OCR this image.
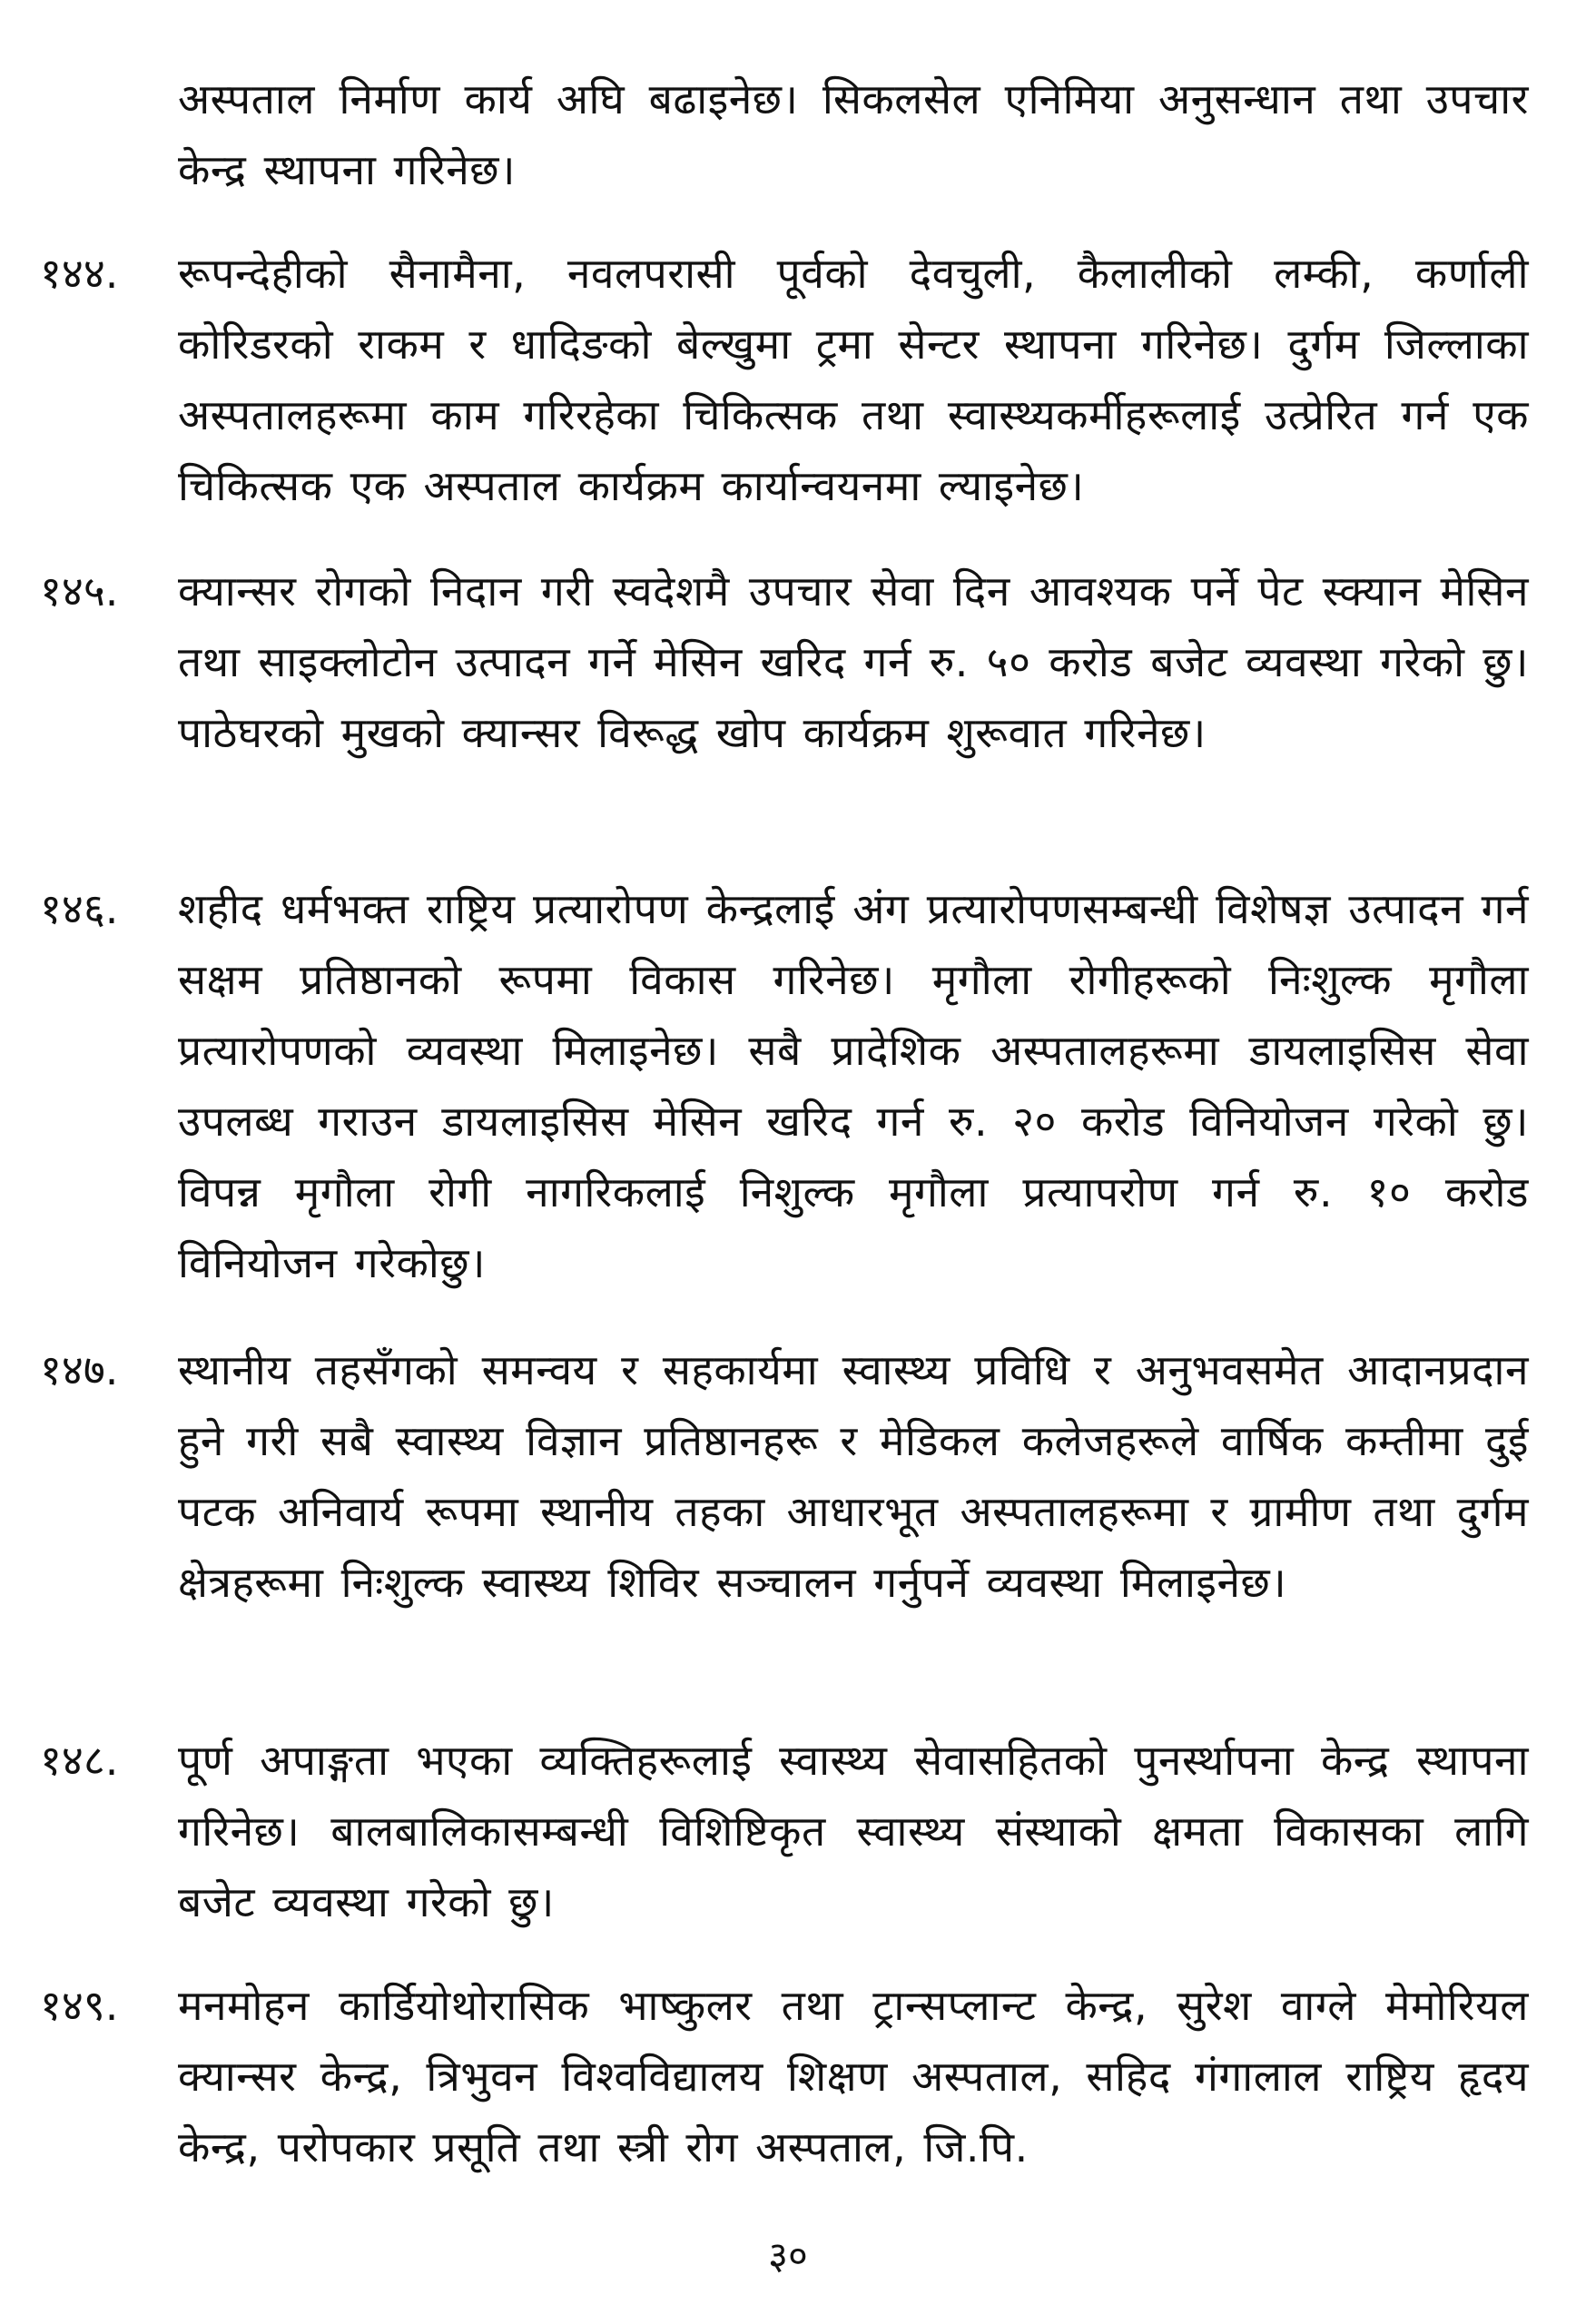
अस्पताल निर्माण कार्य अघि बढाइनेछ। सिकलसेल एनिमिया अनुसन्धान तथा उपचार केन्द्र स्थापना गरिनेछ।
१४४.	रूपन्देहीको सैनामैना, नवलपरासी पूर्वको देवचुली, कैलालीको लम्की, कर्णाली कोरिडरको राकम र धादिङको बेल्खुमा ट्रमा सेन्टर स्थापना गरिनेछ। दुर्गम जिल्लाका अस्पतालहरूमा काम गरिरहेका चिकित्सक तथा स्वास्थ्यकर्मीहरूलाई उत्प्रेरित गर्न एक चिकित्सक एक अस्पताल कार्यक्रम कार्यान्वयनमा ल्याइनेछ।
१४५.	क्यान्सर रोगको निदान गरी स्वदेशमै उपचार सेवा दिन आवश्यक पर्ने पेट स्क्यान मेसिन तथा साइक्लोटोन उत्पादन गर्ने मेसिन खरिद गर्न रु. ५० करोड बजेट व्यवस्था गरेको छु। पाठेघरको मुखको क्यान्सर विरूद्ध खोप कार्यक्रम शुरूवात गरिनेछ।
१४६.	शहीद धर्मभक्त राष्ट्रिय प्रत्यारोपण केन्द्रलाई अंग प्रत्यारोपणसम्बन्धी विशेषज्ञ उत्पादन गर्न सक्षम प्रतिष्ठानको रूपमा विकास गरिनेछ। मृगौला रोगीहरूको निःशुल्क मृगौला प्रत्यारोपणको व्यवस्था मिलाइनेछ। सबै प्रादेशिक अस्पतालहरूमा डायलाइसिस सेवा उपलब्ध गराउन डायलाइसिस मेसिन खरिद गर्न रु. २० करोड विनियोजन गरेको छु। विपन्न मृगौला रोगी नागरिकलाई निशुल्क मृगौला प्रत्यापरोण गर्न रु. १० करोड विनियोजन गरेकोछु।
१४७.	स्थानीय तहसँगको समन्वय र सहकार्यमा स्वास्थ्य प्रविधि र अनुभवसमेत आदानप्रदान हुने गरी सबै स्वास्थ्य विज्ञान प्रतिष्ठानहरू र मेडिकल कलेजहरूले वार्षिक कम्तीमा दुई पटक अनिवार्य रूपमा स्थानीय तहका आधारभूत अस्पतालहरूमा र ग्रामीण तथा दुर्गम क्षेत्रहरूमा निःशुल्क स्वास्थ्य शिविर सञ्चालन गर्नुपर्ने व्यवस्था मिलाइनेछ।
१४८.	पूर्ण अपाङ्गता भएका व्यक्तिहरूलाई स्वास्थ्य सेवासहितको पुनर्स्थापना केन्द्र स्थापना गरिनेछ। बालबालिकासम्बन्धी विशिष्टिकृत स्वास्थ्य संस्थाको क्षमता विकासका लागि बजेट व्यवस्था गरेको छु।
१४९.	मनमोहन कार्डियोथोरासिक भाष्कुलर तथा ट्रान्सप्लान्ट केन्द्र, सुरेश वाग्ले मेमोरियल क्यान्सर केन्द्र, त्रिभुवन विश्वविद्यालय शिक्षण अस्पताल, सहिद गंगालाल राष्ट्रिय हृदय केन्द्र, परोपकार प्रसूति तथा स्त्री रोग अस्पताल, जि.पि.
३०
